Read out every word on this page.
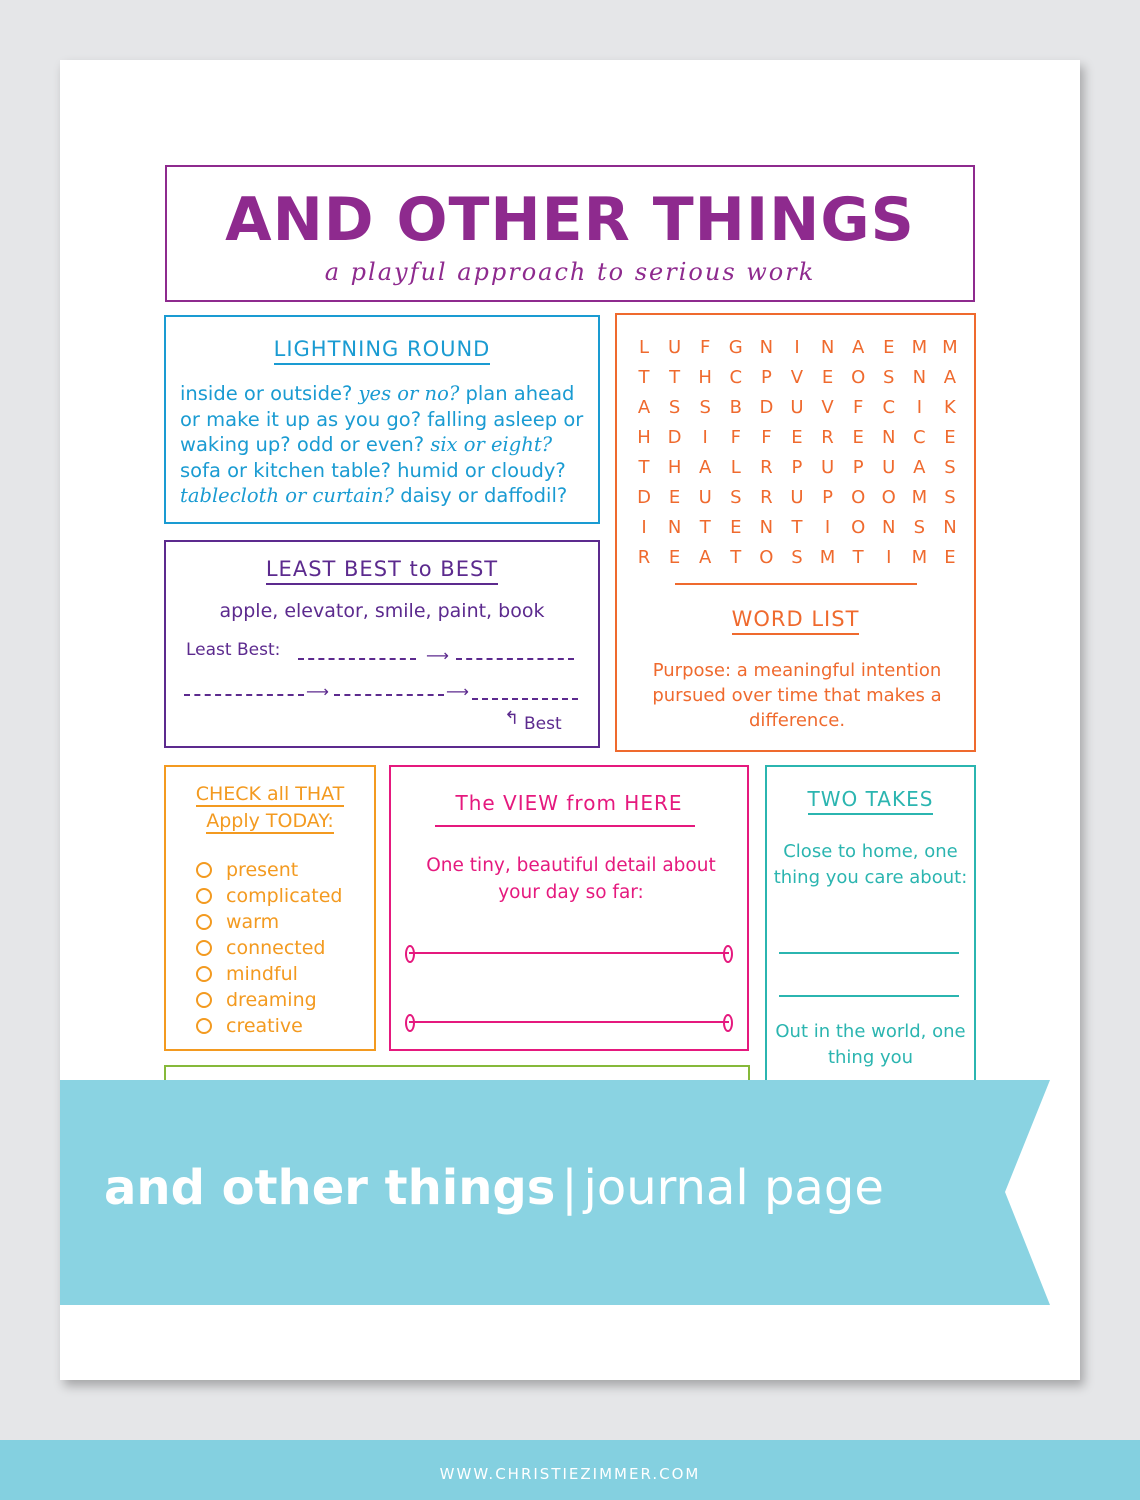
AND OTHER THINGS
a playful approach to serious work
LIGHTNING ROUND
inside or outside? yes or no? plan ahead
or make it up as you go? falling asleep or
waking up? odd or even? six or eight?
sofa or kitchen table? humid or cloudy?
tablecloth or curtain? daisy or daffodil?
LEAST BEST to BEST
apple, elevator, smile, paint, book
Least Best:	⟶
⟶	⟶
↰ Best
L	U	F	G N	I	N A	E M M
T	T	H C	P	V	E O S	N A
A	S	S	B D U V	F	C	I	K
H D	I	F	F	E	R	E	N C	E
T	H A	L	R	P	U	P	U A	S
D E	U	S	R U	P	O O M S
I	N	T	E	N	T	I	O N	S	N
R	E	A	T	O S M T	I	M E
WORD LIST
Purpose: a meaningful intention pursued over time that makes a difference.
CHECK all THAT
Apply TODAY:
present
complicated
warm
connected
mindful
dreaming
creative
The VIEW from HERE
One tiny, beautiful detail about your day so far:
TWO TAKES
Close to home, one thing you care about:
Out in the world, one thing you
and other things | journal page
WWW.CHRISTIEZIMMER.COM
